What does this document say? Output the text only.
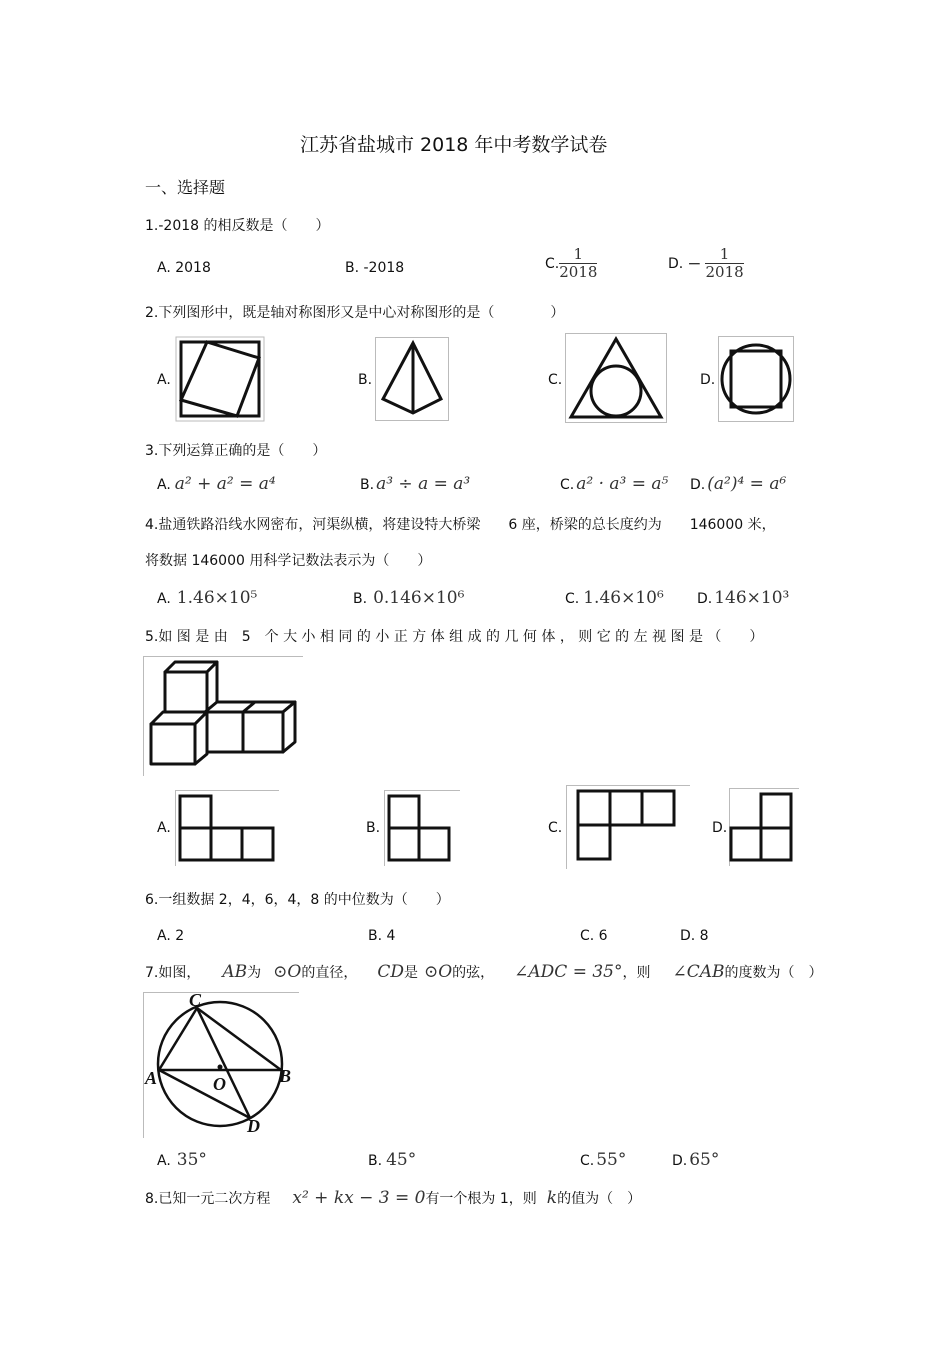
江苏省盐城市 2018 年中考数学试卷
一、选择题
1.-2018 的相反数是（　　）
A. 2018	B. -2018	C. $\frac{1}{2018}$	D. − $\frac{1}{2018}$
2.下列图形中，既是轴对称图形又是中心对称图形的是（　　　　）
A.	B.	C.	D.
3.下列运算正确的是（　　）
A. a² + a² = a⁴	B. a³ ÷ a = a³	C. a² · a³ = a⁵ D. (a²)⁴ = a⁶
4.盐通铁路沿线水网密布，河渠纵横，将建设特大桥梁　　6 座，桥梁的总长度约为　　146000 米，
将数据 146000 用科学记数法表示为（　　）
A. 1.46×10⁵	B. 0.146×10⁶	C. 1.46×10⁶ D. 146×10³
5.如 图 是 由　5　个 大 小 相 同 的 小 正 方 体 组 成 的 几 何 体 ， 则 它 的 左 视 图 是 （　　）
A.	B.	C.	D.
6.一组数据 2，4，6，4，8 的中位数为（　　）
A. 2	B. 4	C. 6	D. 8
7.如图， AB为 ⊙O的直径， CD是 ⊙O的弦， ∠ADC = 35°，则 ∠CAB的度数为（　）
C
A	B
O
D
A. 35°	B. 45°	C. 55°	D. 65°
8.已知一元二次方程 x² + kx − 3 = 0有一个根为 1，则 k的值为（　）
